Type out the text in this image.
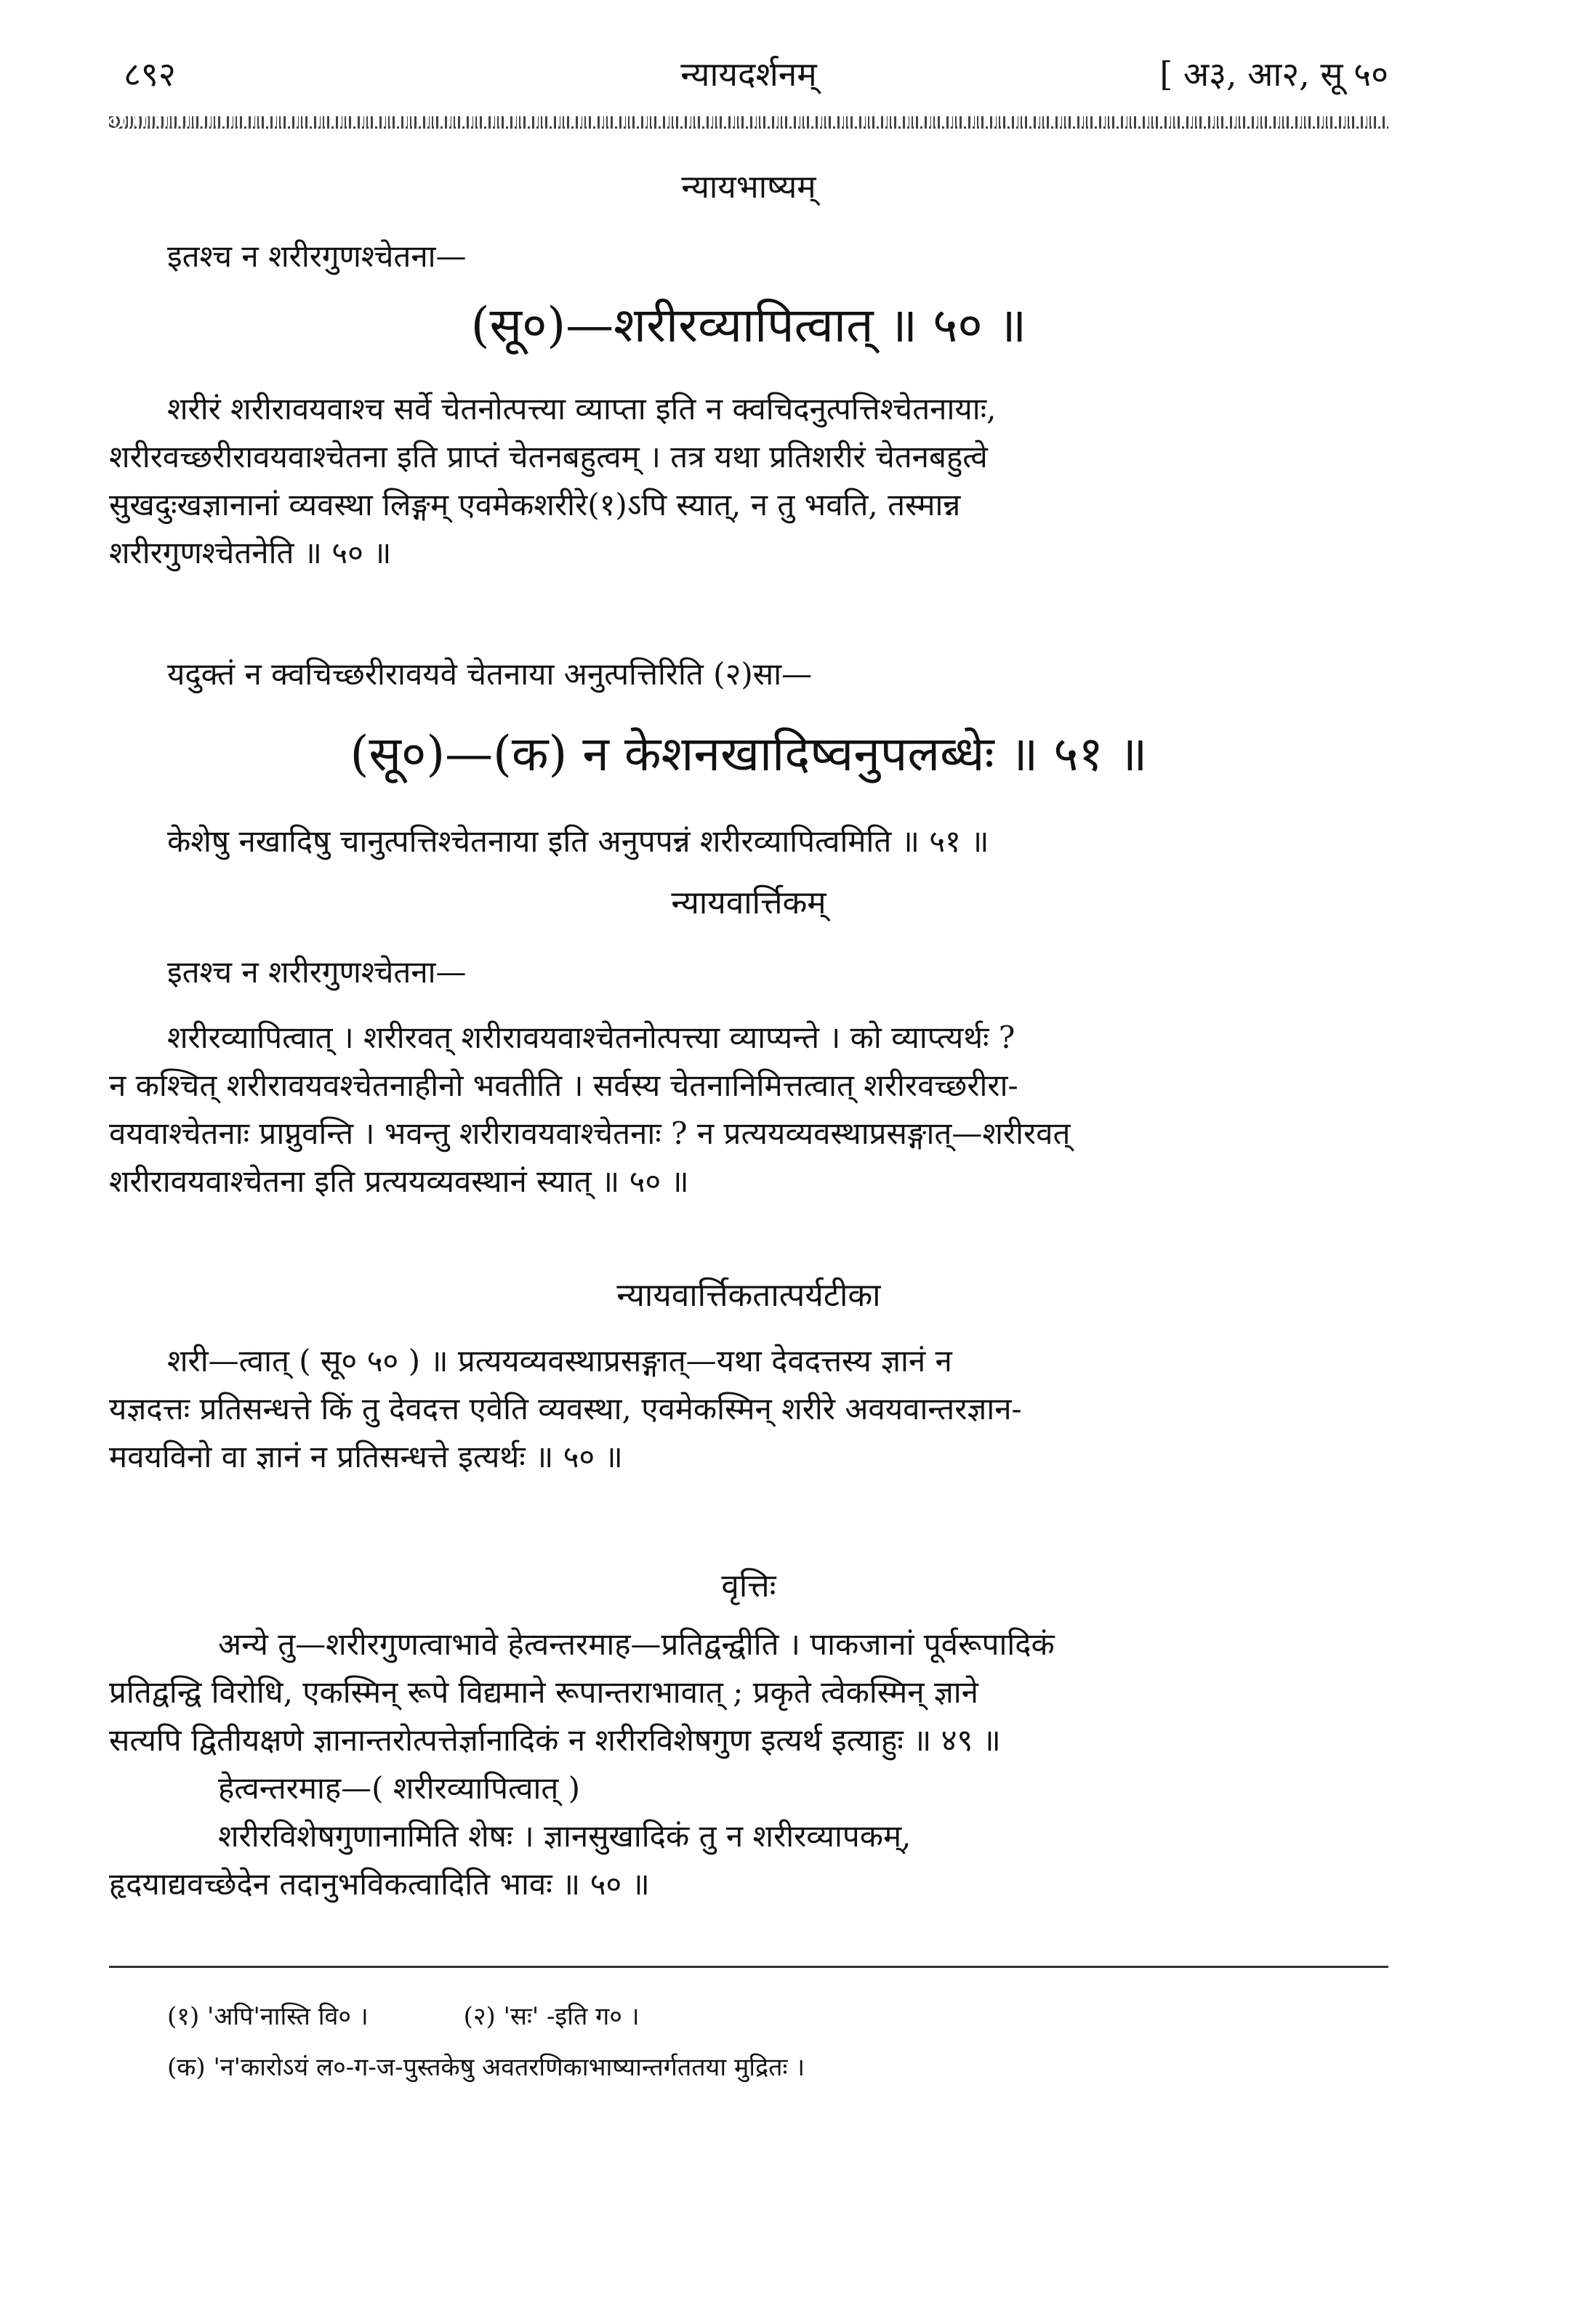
८९२	न्यायदर्शनम्	[ अ३, आ२, सू ५०
न्यायभाष्यम्
इतश्च न शरीरगुणश्चेतना—
(सू०)—शरीरव्यापित्वात् ॥ ५० ॥
शरीरं शरीरावयवाश्च सर्वे चेतनोत्पत्त्या व्याप्ता इति न क्वचिदनुत्पत्तिश्चेतनायाः,
शरीरवच्छरीरावयवाश्चेतना इति प्राप्तं चेतनबहुत्वम् । तत्र यथा प्रतिशरीरं चेतनबहुत्वे
सुखदुःखज्ञानानां व्यवस्था लिङ्गम् एवमेकशरीरे(१)ऽपि स्यात्, न तु भवति, तस्मान्न
शरीरगुणश्चेतनेति ॥ ५० ॥
यदुक्तं न क्वचिच्छरीरावयवे चेतनाया अनुत्पत्तिरिति (२)सा—
(सू०)—(क) न केशनखादिष्वनुपलब्धेः ॥ ५१ ॥
केशेषु नखादिषु चानुत्पत्तिश्चेतनाया इति अनुपपन्नं शरीरव्यापित्वमिति ॥ ५१ ॥
न्यायवार्त्तिकम्
इतश्च न शरीरगुणश्चेतना—
शरीरव्यापित्वात् । शरीरवत् शरीरावयवाश्चेतनोत्पत्त्या व्याप्यन्ते । को व्याप्त्यर्थः ?
न कश्चित् शरीरावयवश्चेतनाहीनो भवतीति । सर्वस्य चेतनानिमित्तत्वात् शरीरवच्छरीरा-
वयवाश्चेतनाः प्राप्नुवन्ति । भवन्तु शरीरावयवाश्चेतनाः ? न प्रत्ययव्यवस्थाप्रसङ्गात्—शरीरवत्
शरीरावयवाश्चेतना इति प्रत्ययव्यवस्थानं स्यात् ॥ ५० ॥
न्यायवार्त्तिकतात्पर्यटीका
शरी—त्वात् ( सू० ५० ) ॥ प्रत्ययव्यवस्थाप्रसङ्गात्—यथा देवदत्तस्य ज्ञानं न
यज्ञदत्तः प्रतिसन्धत्ते किं तु देवदत्त एवेति व्यवस्था, एवमेकस्मिन् शरीरे अवयवान्तरज्ञान-
मवयविनो वा ज्ञानं न प्रतिसन्धत्ते इत्यर्थः ॥ ५० ॥
वृत्तिः
अन्ये तु—शरीरगुणत्वाभावे हेत्वन्तरमाह—प्रतिद्वन्द्वीति । पाकजानां पूर्वरूपादिकं
प्रतिद्वन्द्वि विरोधि, एकस्मिन् रूपे विद्यमाने रूपान्तराभावात् ; प्रकृते त्वेकस्मिन् ज्ञाने
सत्यपि द्वितीयक्षणे ज्ञानान्तरोत्पत्तेर्ज्ञानादिकं न शरीरविशेषगुण इत्यर्थ इत्याहुः ॥ ४९ ॥
हेत्वन्तरमाह—( शरीरव्यापित्वात् )
शरीरविशेषगुणानामिति शेषः । ज्ञानसुखादिकं तु न शरीरव्यापकम्,
हृदयाद्यवच्छेदेन तदानुभविकत्वादिति भावः ॥ ५० ॥
(१) 'अपि'नास्ति वि० ।	(२) 'सः' -इति ग० ।
(क) 'न'कारोऽयं ल०-ग-ज-पुस्तकेषु अवतरणिकाभाष्यान्तर्गततया मुद्रितः ।
